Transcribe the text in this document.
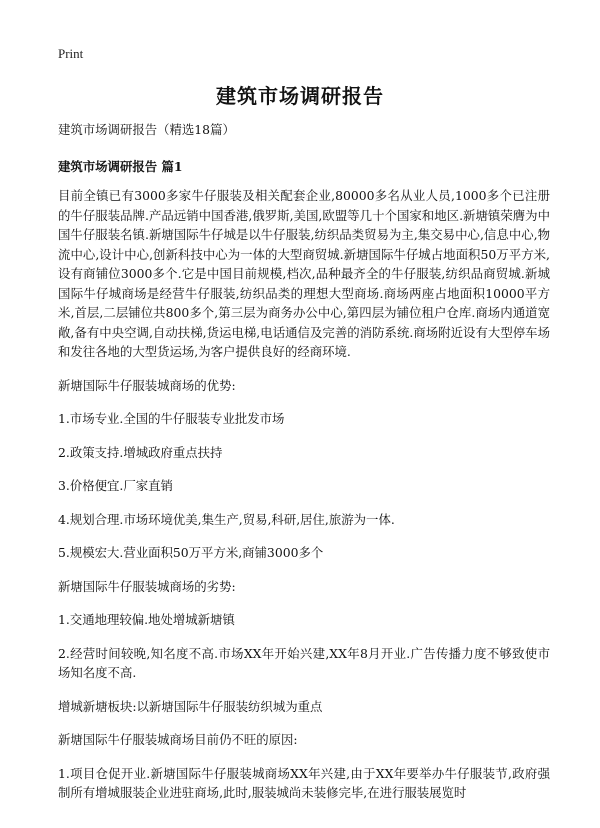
Print
建筑市场调研报告

建筑市场调研报告（精选18篇）

建筑市场调研报告 篇1

目前全镇已有3000多家牛仔服装及相关配套企业,80000多名从业人员,1000多个已注册的牛仔服装品牌.产品远销中国香港,俄罗斯,美国,欧盟等几十个国家和地区.新塘镇荣膺为中国牛仔服装名镇.新塘国际牛仔城是以牛仔服装,纺织品类贸易为主,集交易中心,信息中心,物流中心,设计中心,创新科技中心为一体的大型商贸城.新塘国际牛仔城占地面积50万平方米,设有商铺位3000多个.它是中国目前规模,档次,品种最齐全的牛仔服装,纺织品商贸城.新城国际牛仔城商场是经营牛仔服装,纺织品类的理想大型商场.商场两座占地面积10000平方米,首层,二层铺位共800多个,第三层为商务办公中心,第四层为铺位租户仓库.商场内通道宽敞,备有中央空调,自动扶梯,货运电梯,电话通信及完善的消防系统.商场附近设有大型停车场和发往各地的大型货运场,为客户提供良好的经商环境.

新塘国际牛仔服装城商场的优势:

1.市场专业.全国的牛仔服装专业批发市场

2.政策支持.增城政府重点扶持

3.价格便宜.厂家直销

4.规划合理.市场环境优美,集生产,贸易,科研,居住,旅游为一体.

5.规模宏大.营业面积50万平方米,商铺3000多个

新塘国际牛仔服装城商场的劣势:

1.交通地理较偏.地处增城新塘镇

2.经营时间较晚,知名度不高.市场XX年开始兴建,XX年8月开业.广告传播力度不够致使市场知名度不高.

增城新塘板块:以新塘国际牛仔服装纺织城为重点

新塘国际牛仔服装城商场目前仍不旺的原因:

1.项目仓促开业.新塘国际牛仔服装城商场XX年兴建,由于XX年要举办牛仔服装节,政府强制所有增城服装企业进驻商场,此时,服装城尚未装修完毕,在进行服装展览时
